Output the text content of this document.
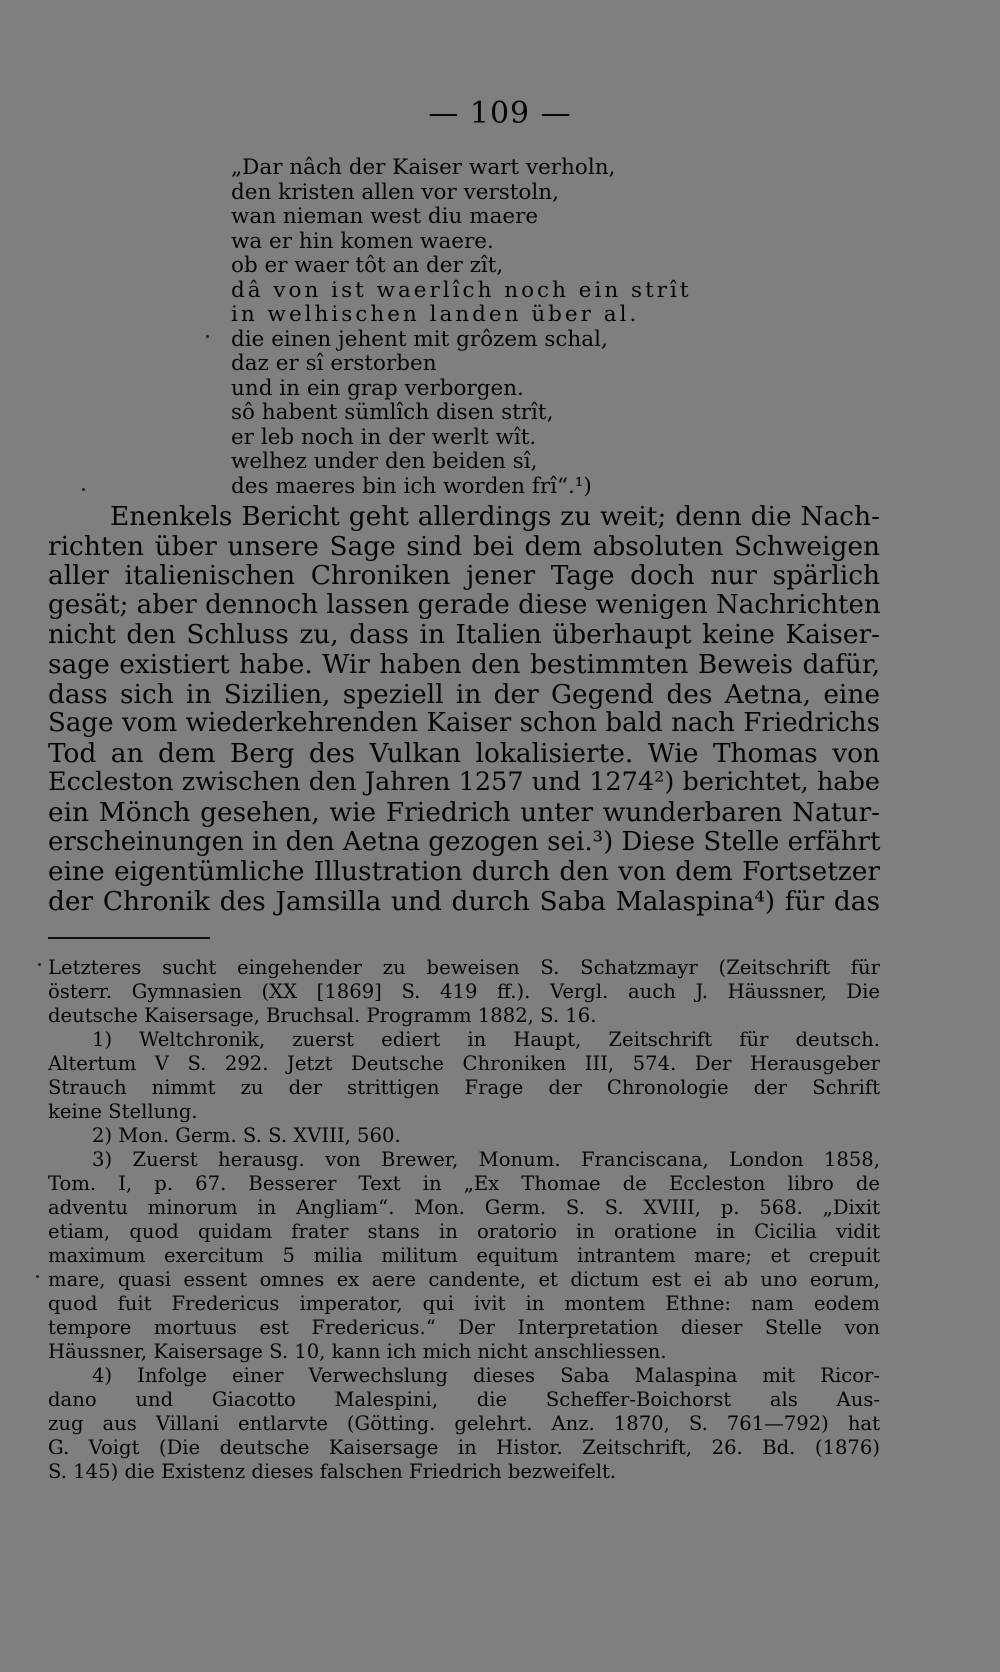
— 109 —
„Dar nâch der Kaiser wart verholn,
den kristen allen vor verstoln,
wan nieman west diu maere
wa er hin komen waere.
ob er waer tôt an der zît,
dâ von ist waerlîch noch ein strît
in welhischen landen über al.
die einen jehent mit grôzem schal,
daz er sî erstorben
und in ein grap verborgen.
sô habent sümlîch disen strît,
er leb noch in der werlt wît.
welhez under den beiden sî,
des maeres bin ich worden frî“.¹)
Enenkels Bericht geht allerdings zu weit; denn die Nach-
richten über unsere Sage sind bei dem absoluten Schweigen
aller italienischen Chroniken jener Tage doch nur spärlich
gesät; aber dennoch lassen gerade diese wenigen Nachrichten
nicht den Schluss zu, dass in Italien überhaupt keine Kaiser-
sage existiert habe. Wir haben den bestimmten Beweis dafür,
dass sich in Sizilien, speziell in der Gegend des Aetna, eine
Sage vom wiederkehrenden Kaiser schon bald nach Friedrichs
Tod an dem Berg des Vulkan lokalisierte. Wie Thomas von
Eccleston zwischen den Jahren 1257 und 1274²) berichtet, habe
ein Mönch gesehen, wie Friedrich unter wunderbaren Natur-
erscheinungen in den Aetna gezogen sei.³) Diese Stelle erfährt
eine eigentümliche Illustration durch den von dem Fortsetzer
der Chronik des Jamsilla und durch Saba Malaspina⁴) für das
Letzteres sucht eingehender zu beweisen S. Schatzmayr (Zeitschrift für
österr. Gymnasien (XX [1869] S. 419 ff.). Vergl. auch J. Häussner, Die
deutsche Kaisersage, Bruchsal. Programm 1882, S. 16.
1) Weltchronik, zuerst ediert in Haupt, Zeitschrift für deutsch.
Altertum V S. 292. Jetzt Deutsche Chroniken III, 574. Der Herausgeber
Strauch nimmt zu der strittigen Frage der Chronologie der Schrift
keine Stellung.
2) Mon. Germ. S. S. XVIII, 560.
3) Zuerst herausg. von Brewer, Monum. Franciscana, London 1858,
Tom. I, p. 67. Besserer Text in „Ex Thomae de Eccleston libro de
adventu minorum in Angliam“. Mon. Germ. S. S. XVIII, p. 568. „Dixit
etiam, quod quidam frater stans in oratorio in oratione in Cicilia vidit
maximum exercitum 5 milia militum equitum intrantem mare; et crepuit
mare, quasi essent omnes ex aere candente, et dictum est ei ab uno eorum,
quod fuit Fredericus imperator, qui ivit in montem Ethne: nam eodem
tempore mortuus est Fredericus.“ Der Interpretation dieser Stelle von
Häussner, Kaisersage S. 10, kann ich mich nicht anschliessen.
4) Infolge einer Verwechslung dieses Saba Malaspina mit Ricor-
dano und Giacotto Malespini, die Scheffer-Boichorst als Aus-
zug aus Villani entlarvte (Götting. gelehrt. Anz. 1870, S. 761—792) hat
G. Voigt (Die deutsche Kaisersage in Histor. Zeitschrift, 26. Bd. (1876)
S. 145) die Existenz dieses falschen Friedrich bezweifelt.
